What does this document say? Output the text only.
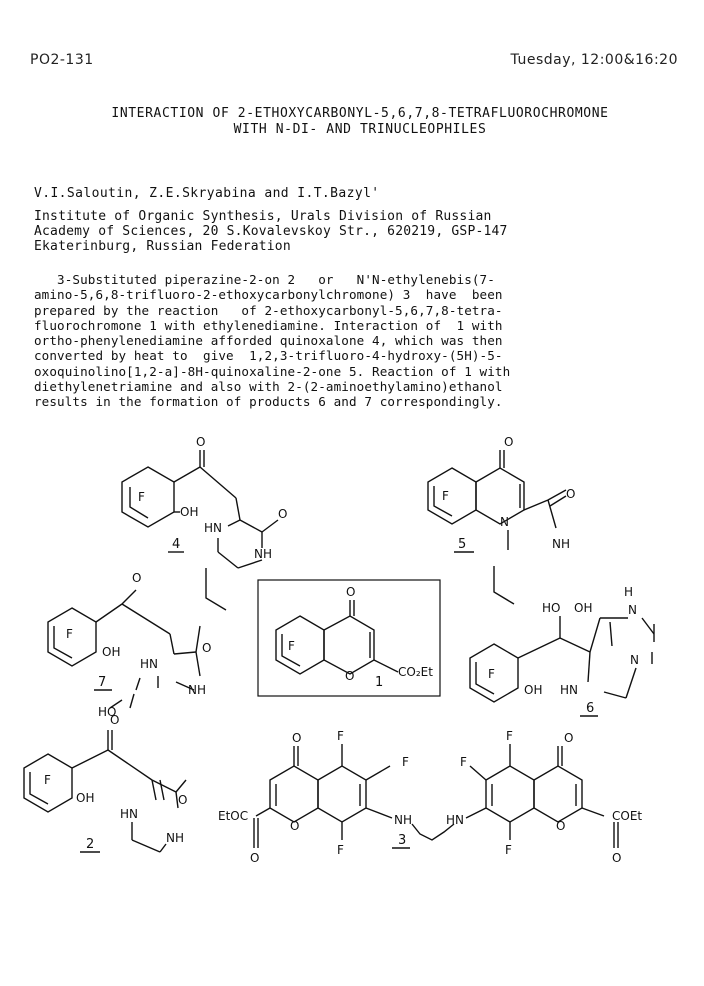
PO2-131	Tuesday, 12:00&16:20
INTERACTION OF 2-ETHOXYCARBONYL-5,6,7,8-TETRAFLUOROCHROMONE
WITH N-DI- AND TRINUCLEOPHILES
V.I.Saloutin, Z.E.Skryabina and I.T.Bazyl'
Institute of Organic Synthesis, Urals Division of Russian
Academy of Sciences, 20 S.Kovalevskoy Str., 620219, GSP-147
Ekaterinburg, Russian Federation
3-Substituted piperazine-2-on 2   or   N'N-ethylenebis(7-
amino-5,6,8-trifluoro-2-ethoxycarbonylchromone) 3  have  been
prepared by the reaction   of 2-ethoxycarbonyl-5,6,7,8-tetra-
fluorochromone 1 with ethylenediamine. Interaction of  1 with
ortho-phenylenediamine afforded quinoxalone 4, which was then
converted by heat to  give  1,2,3-trifluoro-4-hydroxy-(5H)-5-
oxoquinolino[1,2-a]-8H-quinoxaline-2-one 5. Reaction of 1 with
diethylenetriamine and also with 2-(2-aminoethylamino)ethanol
results in the formation of products 6 and 7 correspondingly.
O
F
OH
HN
O
NH
4
O
F	O
N
NH
5
O
F
OH	O
HN
NH
HO
7
O
F
O	CO₂Et
1
HO OH
H
N
N
F
OH HN
6
O
F
OH	O
HN
NH
2
O	F
F
EtOC
O	NH
O
F
F	O
F
HN	O
COEt
F
O
3
